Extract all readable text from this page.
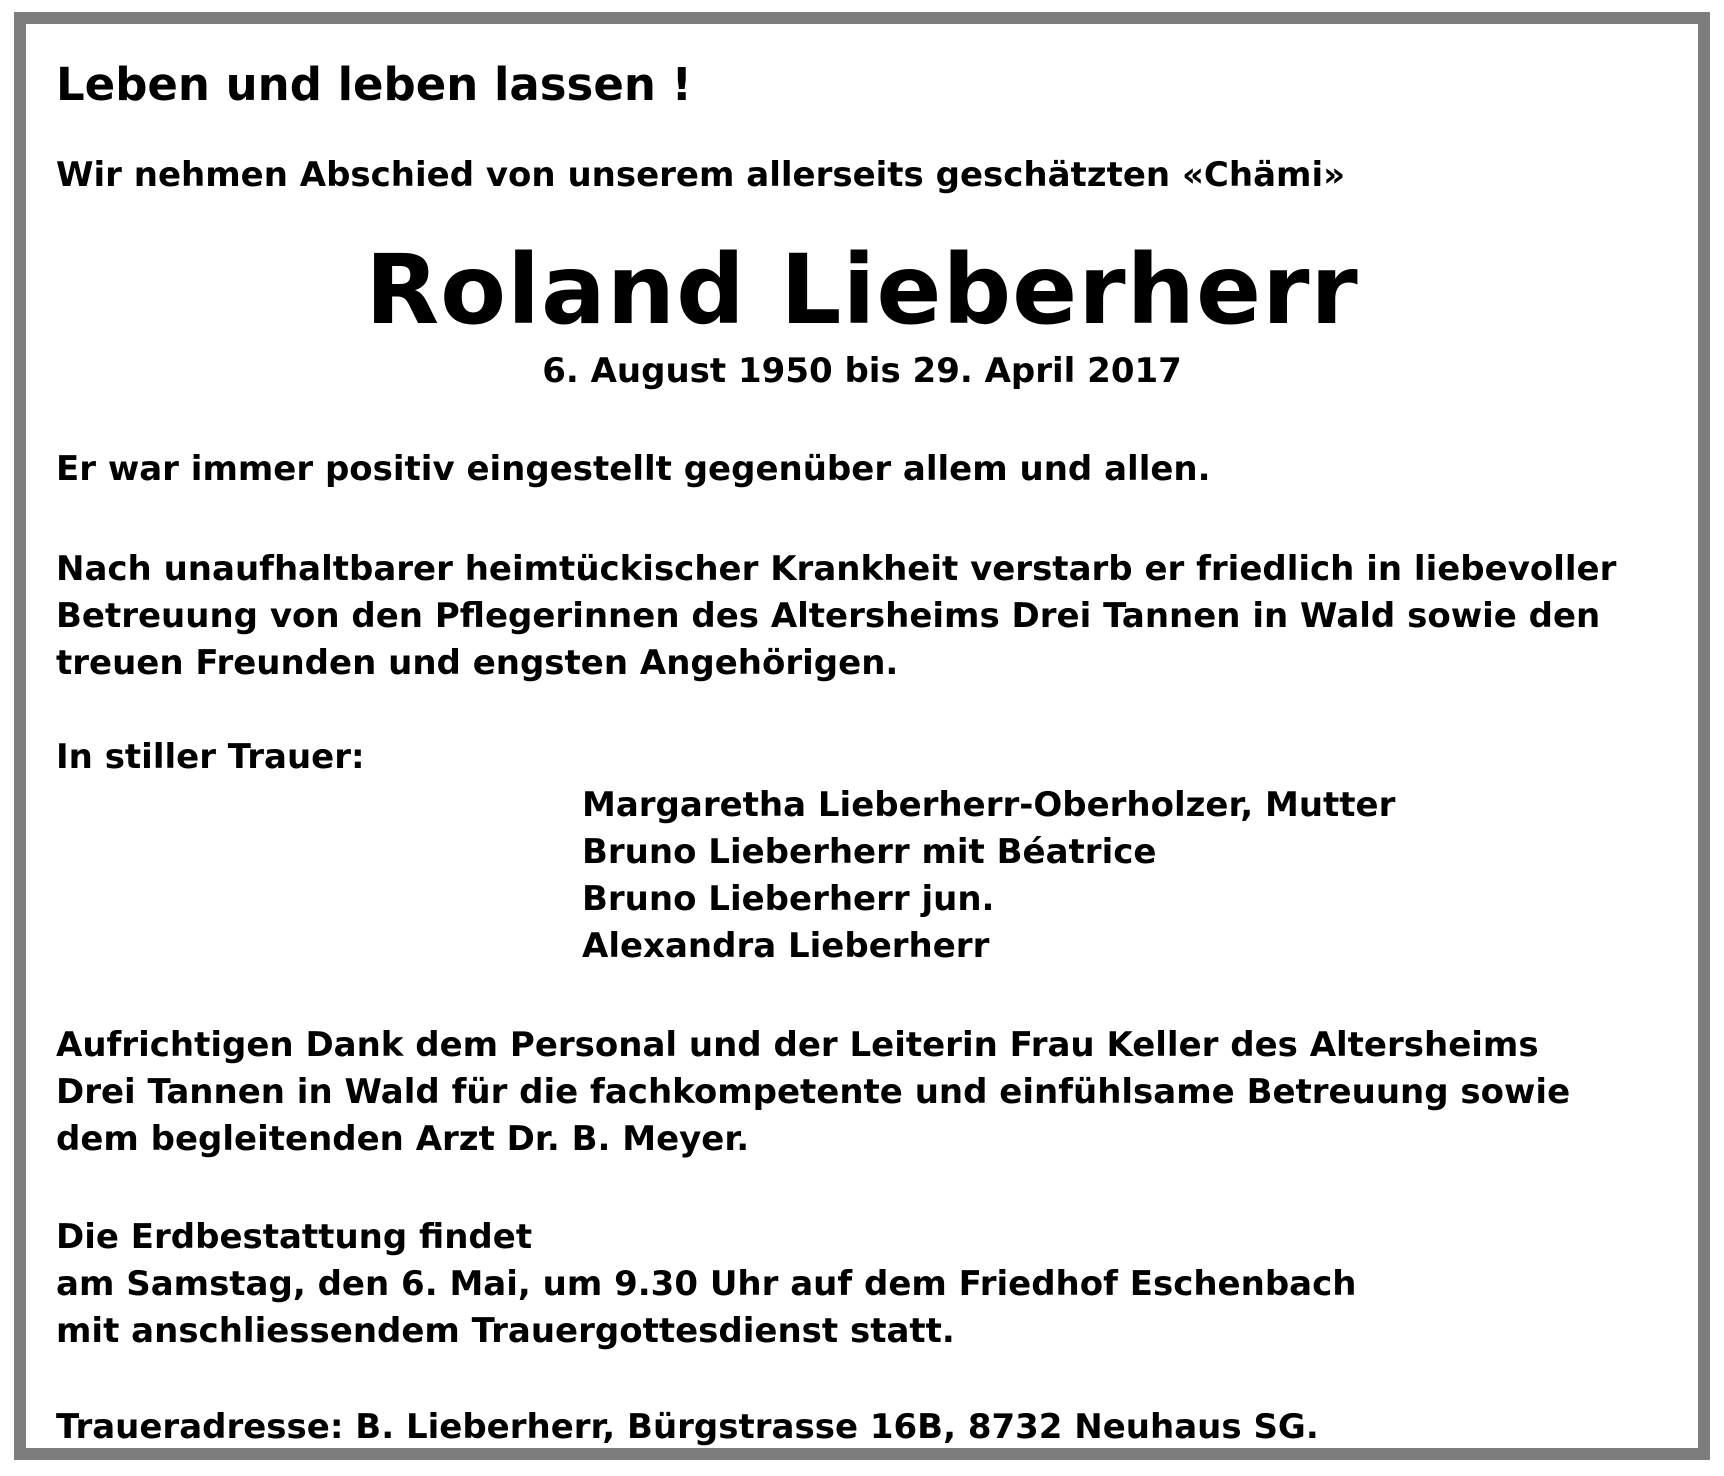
Leben und leben lassen !

Wir nehmen Abschied von unserem allerseits geschätzten «Chämi»

Roland Lieberherr

6. August 1950 bis 29. April 2017

Er war immer positiv eingestellt gegenüber allem und allen.

Nach unaufhaltbarer heimtückischer Krankheit verstarb er friedlich in liebevoller
Betreuung von den Pflegerinnen des Altersheims Drei Tannen in Wald sowie den
treuen Freunden und engsten Angehörigen.

In stiller Trauer:

Margaretha Lieberherr-Oberholzer, Mutter
Bruno Lieberherr mit Béatrice
Bruno Lieberherr jun.
Alexandra Lieberherr

Aufrichtigen Dank dem Personal und der Leiterin Frau Keller des Altersheims
Drei Tannen in Wald für die fachkompetente und einfühlsame Betreuung sowie
dem begleitenden Arzt Dr. B. Meyer.

Die Erdbestattung findet
am Samstag, den 6. Mai, um 9.30 Uhr auf dem Friedhof Eschenbach
mit anschliessendem Trauergottesdienst statt.

Traueradresse: B. Lieberherr, Bürgstrasse 16B, 8732 Neuhaus SG.
